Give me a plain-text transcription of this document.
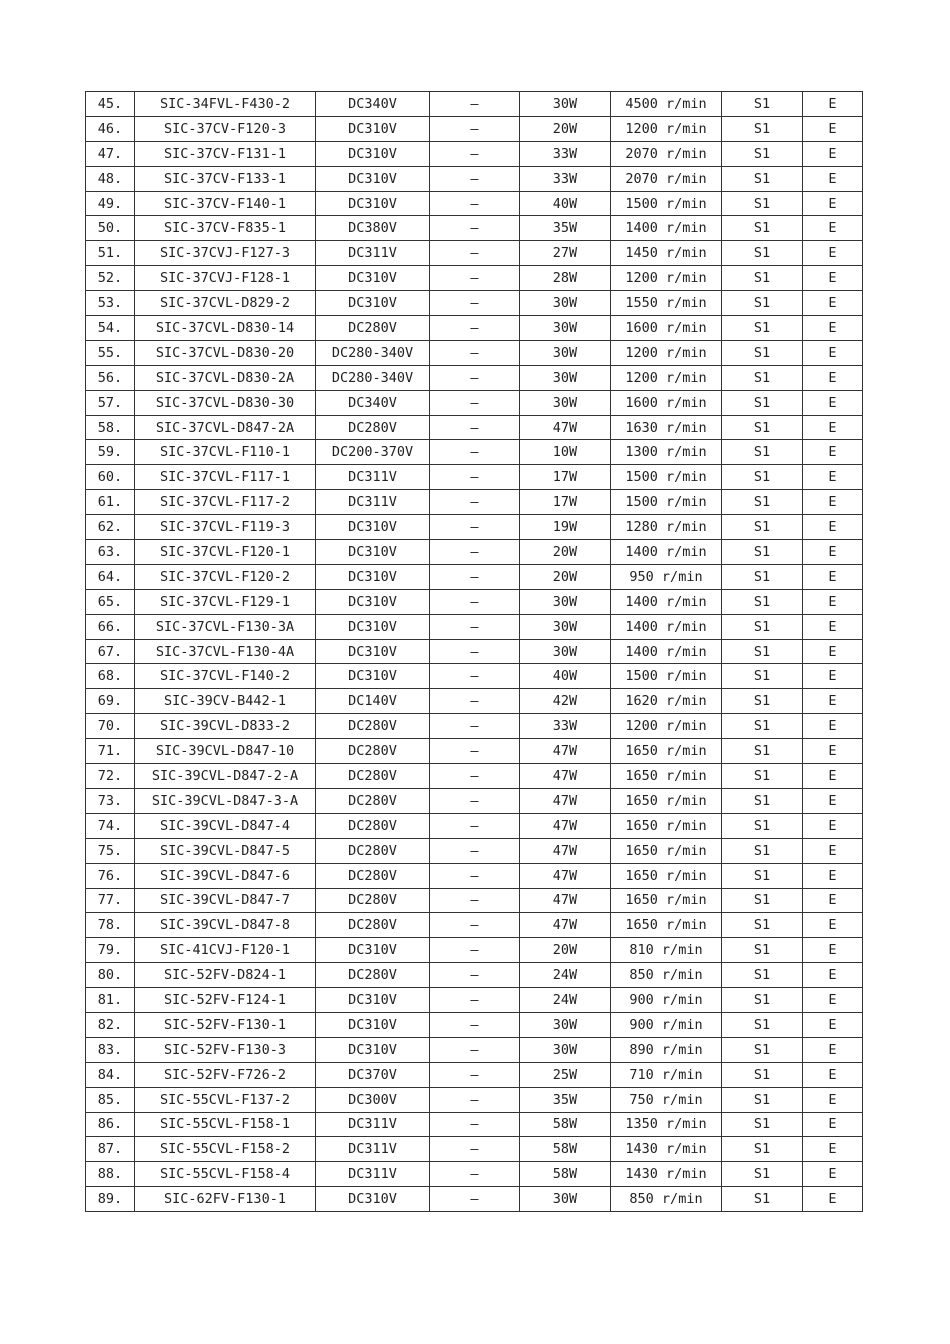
45.	SIC-34FVL-F430-2	DC340V	—	30W	4500 r/min	S1	E
46.	SIC-37CV-F120-3	DC310V	—	20W	1200 r/min	S1	E
47.	SIC-37CV-F131-1	DC310V	—	33W	2070 r/min	S1	E
48.	SIC-37CV-F133-1	DC310V	—	33W	2070 r/min	S1	E
49.	SIC-37CV-F140-1	DC310V	—	40W	1500 r/min	S1	E
50.	SIC-37CV-F835-1	DC380V	—	35W	1400 r/min	S1	E
51.	SIC-37CVJ-F127-3	DC311V	—	27W	1450 r/min	S1	E
52.	SIC-37CVJ-F128-1	DC310V	—	28W	1200 r/min	S1	E
53.	SIC-37CVL-D829-2	DC310V	—	30W	1550 r/min	S1	E
54.	SIC-37CVL-D830-14	DC280V	—	30W	1600 r/min	S1	E
55.	SIC-37CVL-D830-20	DC280-340V	—	30W	1200 r/min	S1	E
56.	SIC-37CVL-D830-2A	DC280-340V	—	30W	1200 r/min	S1	E
57.	SIC-37CVL-D830-30	DC340V	—	30W	1600 r/min	S1	E
58.	SIC-37CVL-D847-2A	DC280V	—	47W	1630 r/min	S1	E
59.	SIC-37CVL-F110-1	DC200-370V	—	10W	1300 r/min	S1	E
60.	SIC-37CVL-F117-1	DC311V	—	17W	1500 r/min	S1	E
61.	SIC-37CVL-F117-2	DC311V	—	17W	1500 r/min	S1	E
62.	SIC-37CVL-F119-3	DC310V	—	19W	1280 r/min	S1	E
63.	SIC-37CVL-F120-1	DC310V	—	20W	1400 r/min	S1	E
64.	SIC-37CVL-F120-2	DC310V	—	20W	950 r/min	S1	E
65.	SIC-37CVL-F129-1	DC310V	—	30W	1400 r/min	S1	E
66.	SIC-37CVL-F130-3A	DC310V	—	30W	1400 r/min	S1	E
67.	SIC-37CVL-F130-4A	DC310V	—	30W	1400 r/min	S1	E
68.	SIC-37CVL-F140-2	DC310V	—	40W	1500 r/min	S1	E
69.	SIC-39CV-B442-1	DC140V	—	42W	1620 r/min	S1	E
70.	SIC-39CVL-D833-2	DC280V	—	33W	1200 r/min	S1	E
71.	SIC-39CVL-D847-10	DC280V	—	47W	1650 r/min	S1	E
72.	SIC-39CVL-D847-2-A	DC280V	—	47W	1650 r/min	S1	E
73.	SIC-39CVL-D847-3-A	DC280V	—	47W	1650 r/min	S1	E
74.	SIC-39CVL-D847-4	DC280V	—	47W	1650 r/min	S1	E
75.	SIC-39CVL-D847-5	DC280V	—	47W	1650 r/min	S1	E
76.	SIC-39CVL-D847-6	DC280V	—	47W	1650 r/min	S1	E
77.	SIC-39CVL-D847-7	DC280V	—	47W	1650 r/min	S1	E
78.	SIC-39CVL-D847-8	DC280V	—	47W	1650 r/min	S1	E
79.	SIC-41CVJ-F120-1	DC310V	—	20W	810 r/min	S1	E
80.	SIC-52FV-D824-1	DC280V	—	24W	850 r/min	S1	E
81.	SIC-52FV-F124-1	DC310V	—	24W	900 r/min	S1	E
82.	SIC-52FV-F130-1	DC310V	—	30W	900 r/min	S1	E
83.	SIC-52FV-F130-3	DC310V	—	30W	890 r/min	S1	E
84.	SIC-52FV-F726-2	DC370V	—	25W	710 r/min	S1	E
85.	SIC-55CVL-F137-2	DC300V	—	35W	750 r/min	S1	E
86.	SIC-55CVL-F158-1	DC311V	—	58W	1350 r/min	S1	E
87.	SIC-55CVL-F158-2	DC311V	—	58W	1430 r/min	S1	E
88.	SIC-55CVL-F158-4	DC311V	—	58W	1430 r/min	S1	E
89.	SIC-62FV-F130-1	DC310V	—	30W	850 r/min	S1	E
